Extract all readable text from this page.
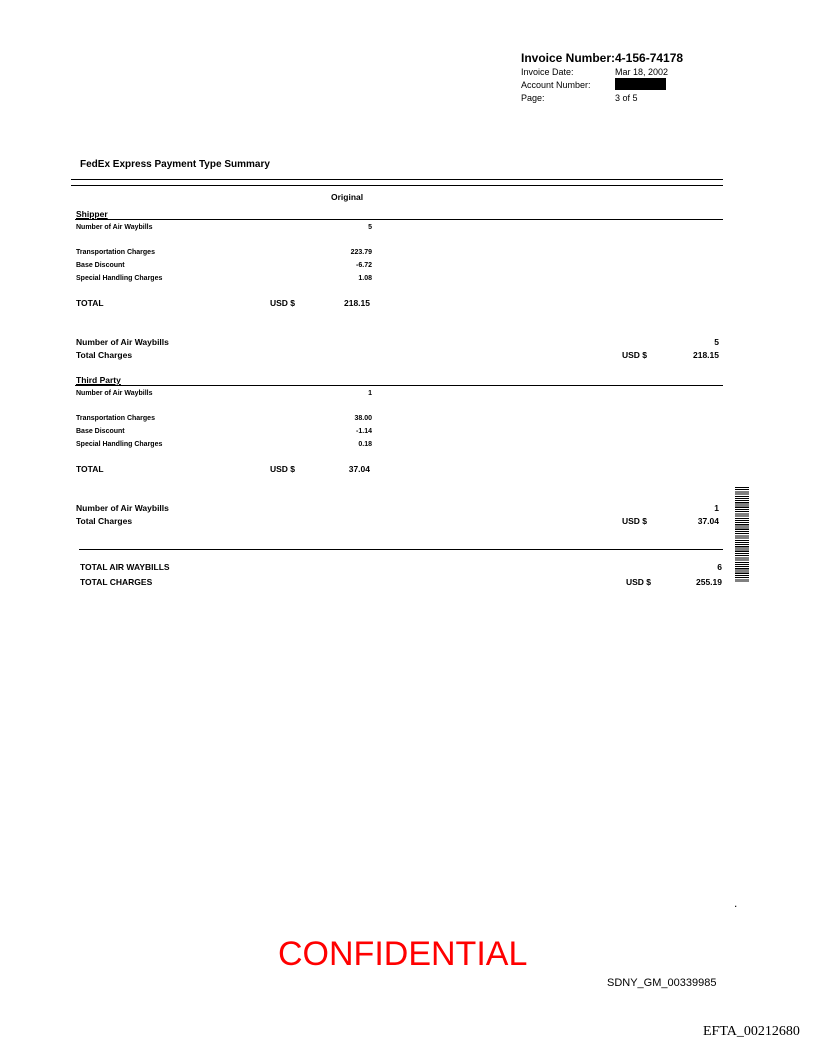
Invoice Number: 4-156-74178
Invoice Date:	Mar 18, 2002
Account Number:
Page:	3 of 5
FedEx Express Payment Type Summary
Original
Shipper
Number of Air Waybills	5
Transportation Charges	223.79
Base Discount	-6.72
Special Handling Charges	1.08
TOTAL	USD $	218.15
Number of Air Waybills	5
Total Charges	USD $	218.15
Third Party
Number of Air Waybills	1
Transportation Charges	38.00
Base Discount	-1.14
Special Handling Charges	0.18
TOTAL	USD $	37.04
Number of Air Waybills	1
Total Charges	USD $	37.04
TOTAL AIR WAYBILLS	6
TOTAL CHARGES	USD $	255.19
.
CONFIDENTIAL
SDNY_GM_00339985
EFTA_00212680
